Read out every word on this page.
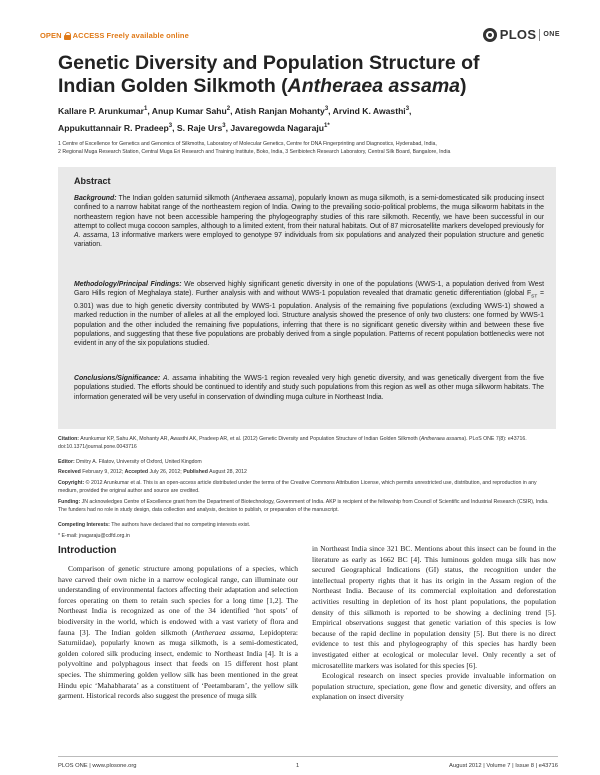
OPEN ACCESS Freely available online	PLOS ONE
Genetic Diversity and Population Structure of Indian Golden Silkmoth (Antheraea assama)
Kallare P. Arunkumar$^1$, Anup Kumar Sahu$^2$, Atish Ranjan Mohanty$^3$, Arvind K. Awasthi$^3$,
Appukuttannair R. Pradeep$^3$, S. Raje Urs$^3$, Javaregowda Nagaraju$^{1*}$
1 Centre of Excellence for Genetics and Genomics of Silkmoths, Laboratory of Molecular Genetics, Centre for DNA Fingerprinting and Diagnostics, Hyderabad, India,
2 Regional Muga Research Station, Central Muga Eri Research and Training Institute, Boko, India, 3 Seribiotech Research Laboratory, Central Silk Board, Bangalore, India
Abstract

Background: The Indian golden saturniid silkmoth (Antheraea assama), popularly known as muga silkmoth, is a semi-domesticated silk producing insect confined to a narrow habitat range of the northeastern region of India. Owing to the prevailing socio-political problems, the muga silkworm habitats in the northeastern region have not been accessible hampering the phylogeography studies of this rare silkmoth. Recently, we have been successful in our attempt to collect muga cocoon samples, although to a limited extent, from their natural habitats. Out of 87 microsatellite markers developed previously for A. assama, 13 informative markers were employed to genotype 97 individuals from six populations and analyzed their population structure and genetic variation.

Methodology/Principal Findings: We observed highly significant genetic diversity in one of the populations (WWS-1, a population derived from West Garo Hills region of Meghalaya state). Further analysis with and without WWS-1 population revealed that dramatic genetic differentiation (global $F_{ST} = 0.301$) was due to high genetic diversity contributed by WWS-1 population. Analysis of the remaining five populations (excluding WWS-1) showed a marked reduction in the number of alleles at all the employed loci. Structure analysis showed the presence of only two clusters: one formed by WWS-1 population and the other included the remaining five populations, inferring that there is no significant genetic diversity within and between these five populations, and suggesting that these five populations are probably derived from a single population. Patterns of recent population bottlenecks were not evident in any of the six populations studied.

Conclusions/Significance: A. assama inhabiting the WWS-1 region revealed very high genetic diversity, and was genetically divergent from the five populations studied. The efforts should be continued to identify and study such populations from this region as well as other muga silkworm habitats. The information generated will be very useful in conservation of dwindling muga culture in Northeast India.

Citation: Arunkumar KP, Sahu AK, Mohanty AR, Awasthi AK, Pradeep AR, et al. (2012) Genetic Diversity and Population Structure of Indian Golden Silkmoth (Antheraea assama). PLoS ONE 7(8): e43716. doi:10.1371/journal.pone.0043716
Editor: Dmitry A. Filatov, University of Oxford, United Kingdom
Received February 9, 2012; Accepted July 26, 2012; Published August 28, 2012
Copyright: © 2012 Arunkumar et al. This is an open-access article distributed under the terms of the Creative Commons Attribution License, which permits unrestricted use, distribution, and reproduction in any medium, provided the original author and source are credited.
Funding: JN acknowledges Centre of Excellence grant from the Department of Biotechnology, Government of India. AKP is recipient of the fellowship from Council of Scientific and Industrial Research (CSIR), India. The funders had no role in study design, data collection and analysis, decision to publish, or preparation of the manuscript.
Competing Interests: The authors have declared that no competing interests exist.
* E-mail: jnagaraju@cdfd.org.in
Introduction

Comparison of genetic structure among populations of a species, which have carved their own niche in a narrow ecological range, can illuminate our understanding of environmental factors affecting their adaptation and selection forces operating on them to retain such species for a long time [1,2]. The Northeast India is recognized as one of the 34 identified ‘hot spots’ of biodiversity in the world, which is endowed with a vast variety of flora and fauna [3]. The Indian golden silkmoth (Antheraea assama, Lepidoptera: Saturniidae), popularly known as muga silkmoth, is a semi-domesticated, golden colored silk producing insect, endemic to Northeast India [4]. It is a polyvoltine and polyphagous insect that feeds on 15 different host plant species. The shimmering golden yellow silk has been mentioned in the great Hindu epic ‘Mahabharata’ as a constituent of ‘Peetambaram’, the yellow silk garment. Historical records also suggest the presence of muga silk

in Northeast India since 321 BC. Mentions about this insect can be found in the literature as early as 1662 BC [4]. This luminous golden muga silk has now secured Geographical Indications (GI) status, the recognition under the intellectual property rights that it has its origin in the Assam region of the Northeast India. Because of its commercial exploitation and deforestation activities resulting in depletion of its host plant populations, the population density of this silkmoth is reported to be showing a declining trend [5]. Empirical observations suggest that genetic variation of this species is low because of the rapid decline in population density [5]. But there is no direct evidence to test this and phylogeography of this species has hardly been investigated either at ecological or molecular level. Only recently a set of microsatellite markers was isolated for this species [6].
Ecological research on insect species provide invaluable information on population structure, speciation, gene flow and genetic diversity, and offers an explanation on insect diversity
PLOS ONE | www.plosone.org	1	August 2012 | Volume 7 | Issue 8 | e43716
